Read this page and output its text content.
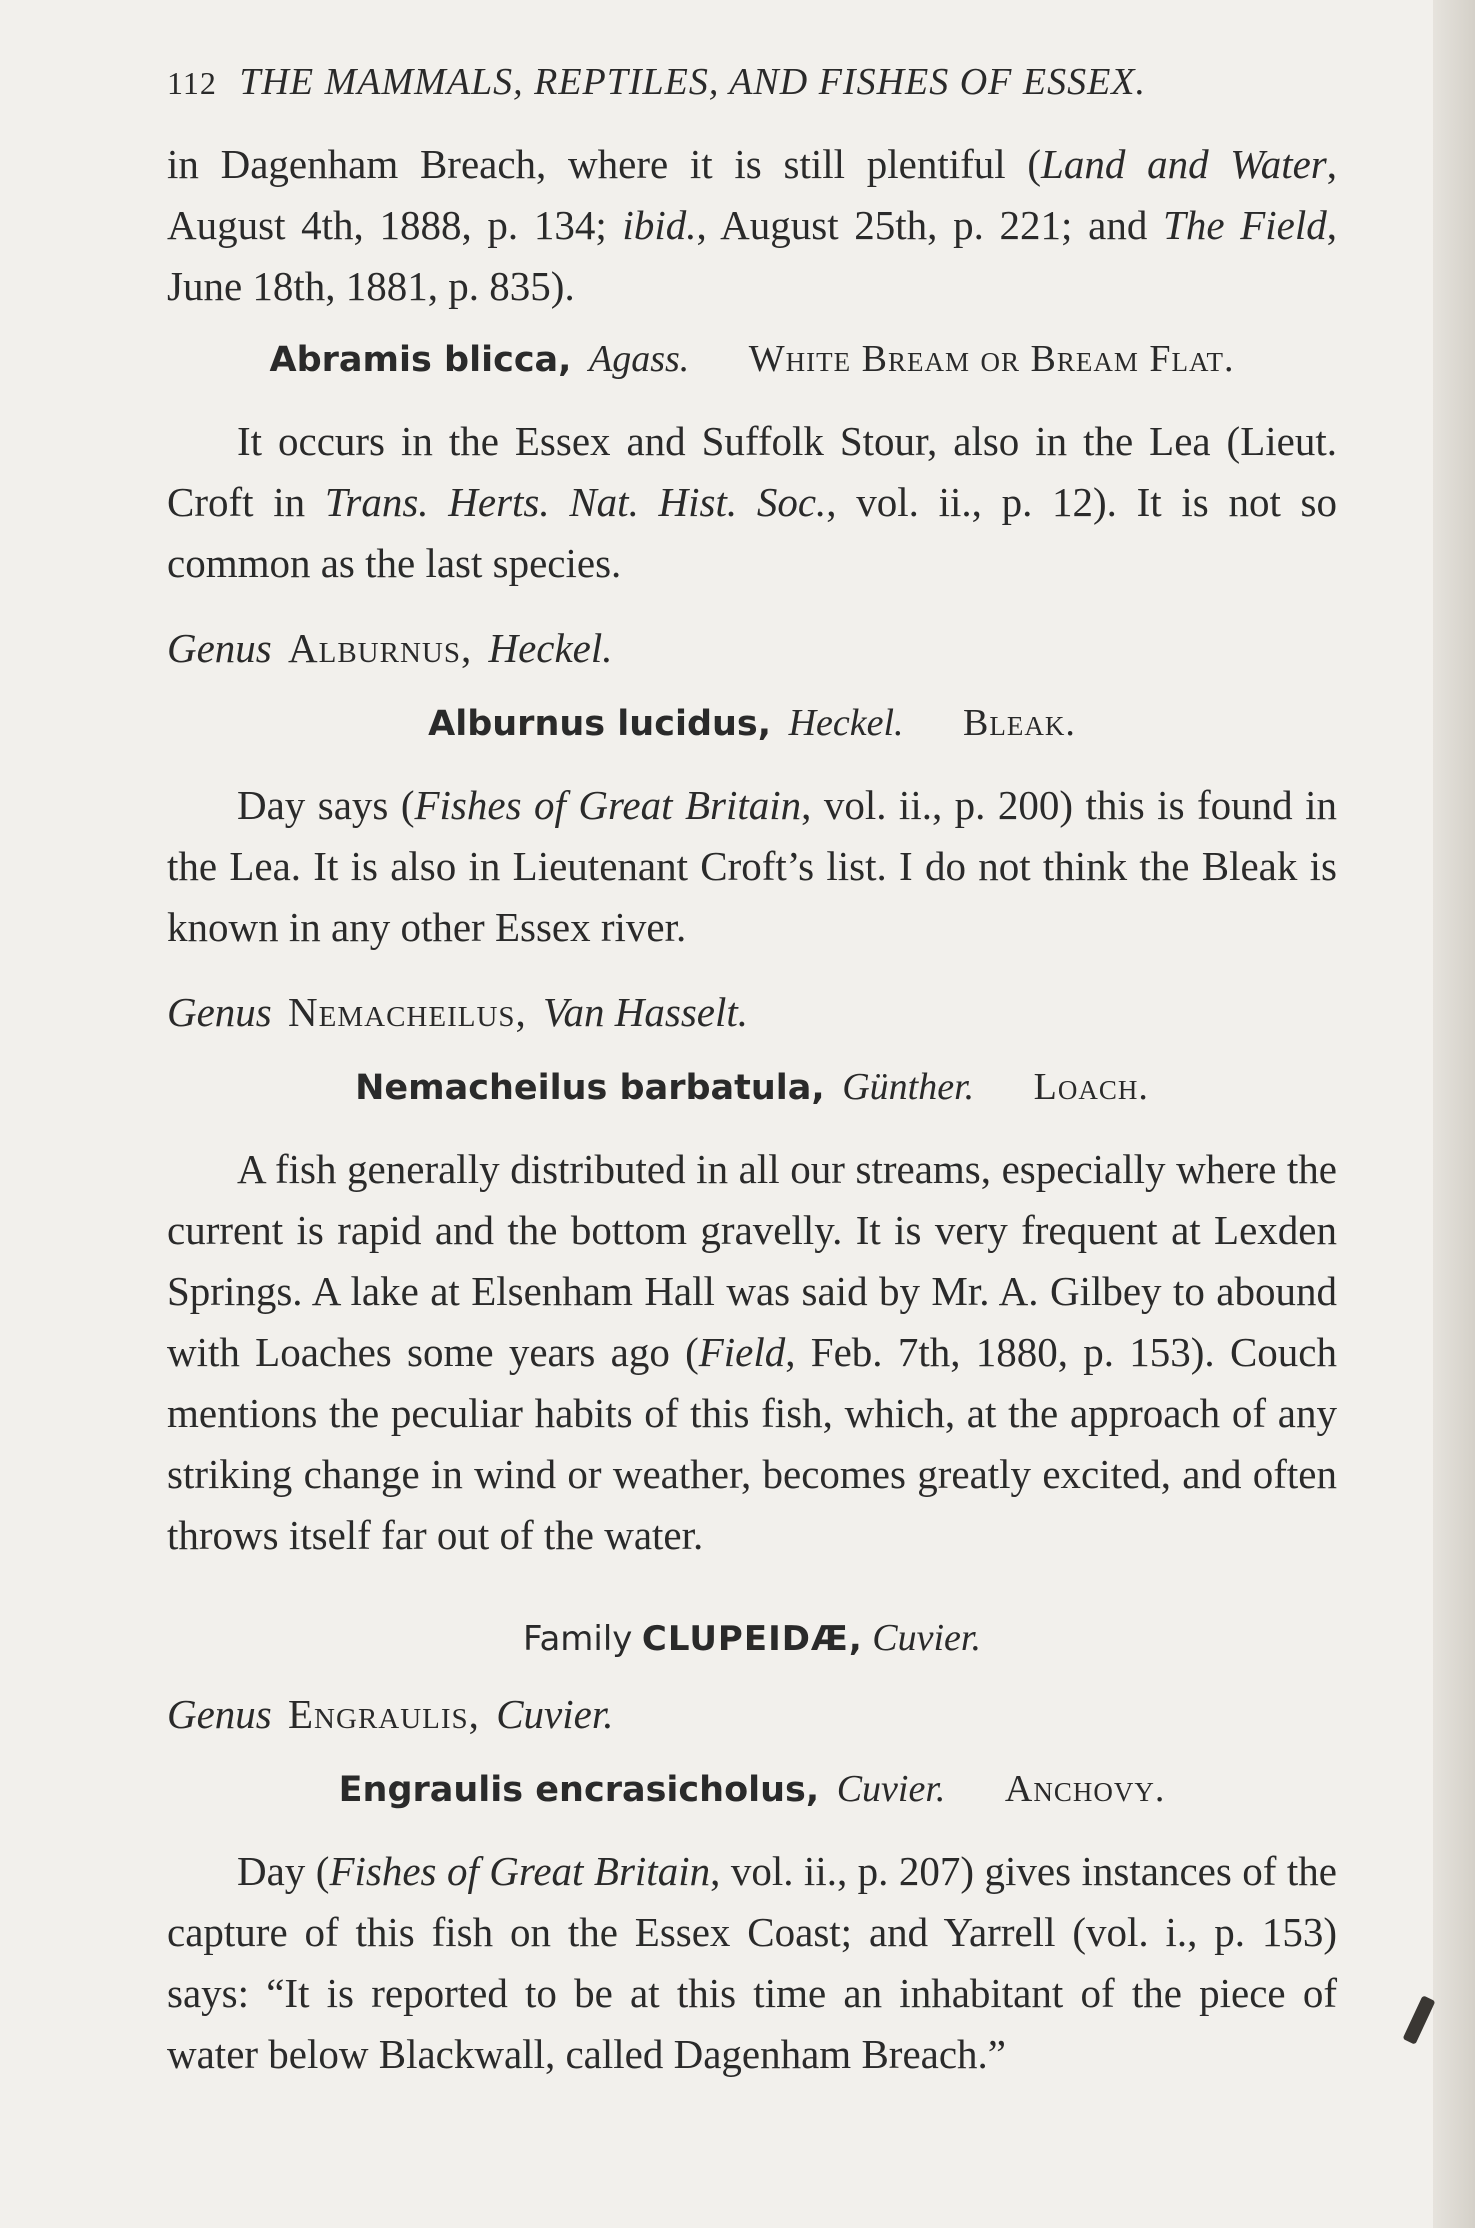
112 THE MAMMALS, REPTILES, AND FISHES OF ESSEX.

in Dagenham Breach, where it is still plentiful (Land and Water, August 4th, 1888, p. 134; ibid., August 25th, p. 221; and The Field, June 18th, 1881, p. 835).

Abramis blicca, Agass. White Bream or Bream Flat.

It occurs in the Essex and Suffolk Stour, also in the Lea (Lieut. Croft in Trans. Herts. Nat. Hist. Soc., vol. ii., p. 12). It is not so common as the last species.

Genus Alburnus, Heckel.
Alburnus lucidus, Heckel. Bleak.

Day says (Fishes of Great Britain, vol. ii., p. 200) this is found in the Lea. It is also in Lieutenant Croft’s list. I do not think the Bleak is known in any other Essex river.

Genus Nemacheilus, Van Hasselt.
Nemacheilus barbatula, Günther. Loach.

A fish generally distributed in all our streams, especially where the current is rapid and the bottom gravelly. It is very frequent at Lexden Springs. A lake at Elsenham Hall was said by Mr. A. Gilbey to abound with Loaches some years ago (Field, Feb. 7th, 1880, p. 153). Couch mentions the peculiar habits of this fish, which, at the approach of any striking change in wind or weather, becomes greatly excited, and often throws itself far out of the water.

Family CLUPEIDÆ, Cuvier.
Genus Engraulis, Cuvier.
Engraulis encrasicholus, Cuvier. Anchovy.

Day (Fishes of Great Britain, vol. ii., p. 207) gives instances of the capture of this fish on the Essex Coast; and Yarrell (vol. i., p. 153) says: “It is reported to be at this time an inhabitant of the piece of water below Blackwall, called Dagenham Breach.”
